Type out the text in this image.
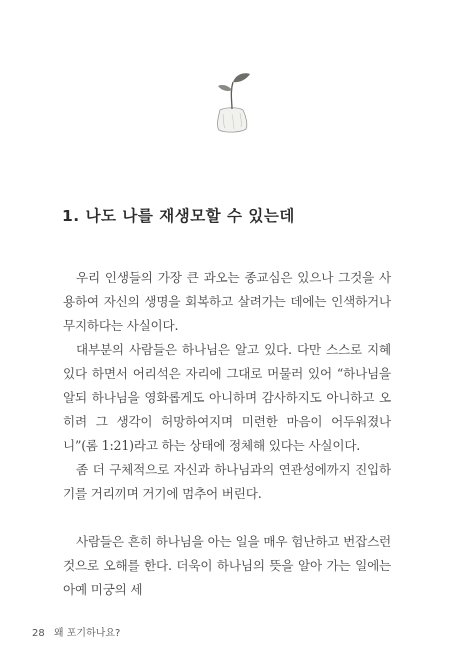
1. 나도 나를 재생모할 수 있는데

우리 인생들의 가장 큰 과오는 종교심은 있으나 그것을 사용하여 자신의 생명을 회복하고 살려가는 데에는 인색하거나 무지하다는 사실이다.

대부분의 사람들은 하나님은 알고 있다. 다만 스스로 지혜 있다 하면서 어리석은 자리에 그대로 머물러 있어 “하나님을 알되 하나님을 영화롭게도 아니하며 감사하지도 아니하고 오히려 그 생각이 허망하여지며 미련한 마음이 어두워졌나니”(롬 1:21)라고 하는 상태에 정체해 있다는 사실이다.

좀 더 구체적으로 자신과 하나님과의 연관성에까지 진입하기를 거리끼며 거기에 멈추어 버린다.

사람들은 흔히 하나님을 아는 일을 매우 험난하고 번잡스런 것으로 오해를 한다. 더욱이 하나님의 뜻을 알아 가는 일에는 아예 미궁의 세

28 왜 포기하나요?
